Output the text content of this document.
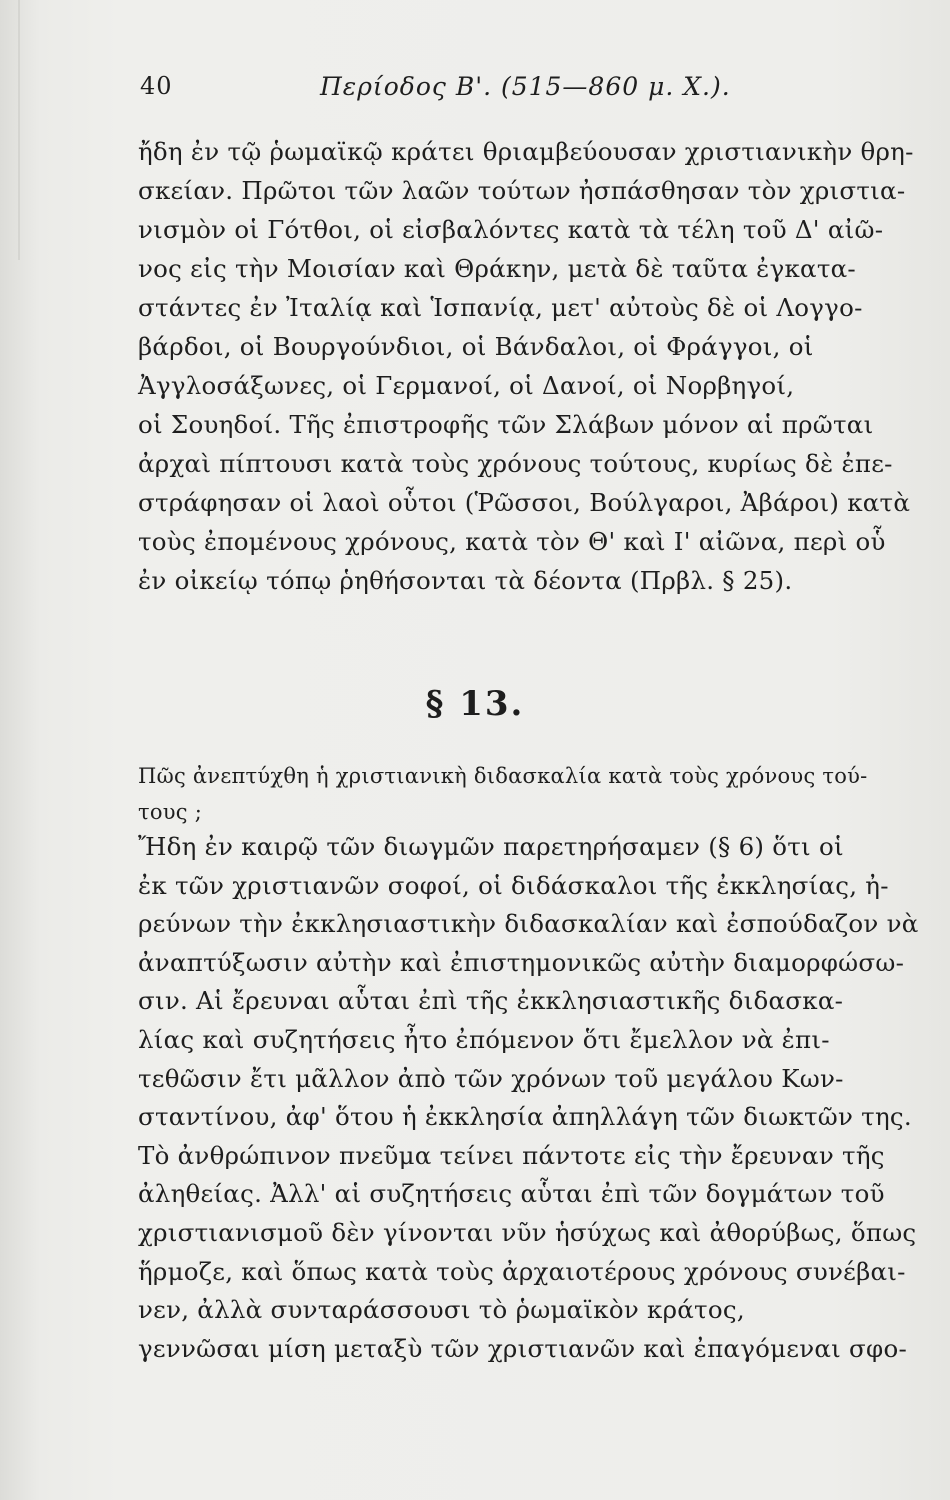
40	Περίοδος Β'. (515—860 μ. Χ.).
ἤδη ἐν τῷ ῥωμαϊκῷ κράτει θριαμβεύουσαν χριστιανικὴν θρη-
σκείαν. Πρῶτοι τῶν λαῶν τούτων ἠσπάσθησαν τὸν χριστια-
νισμὸν οἱ Γότθοι, οἱ εἰσβαλόντες κατὰ τὰ τέλη τοῦ Δ' αἰῶ-
νος εἰς τὴν Μοισίαν καὶ Θράκην, μετὰ δὲ ταῦτα ἐγκατα-
στάντες ἐν Ἰταλίᾳ καὶ Ἱσπανίᾳ, μετ' αὐτοὺς δὲ οἱ Λογγο-
βάρδοι, οἱ Βουργούνδιοι, οἱ Βάνδαλοι, οἱ Φράγγοι, οἱ
Ἀγγλοσάξωνες, οἱ Γερμανοί, οἱ Δανοί, οἱ Νορβηγοί,
οἱ Σουηδοί. Τῆς ἐπιστροφῆς τῶν Σλάβων μόνον αἱ πρῶται
ἀρχαὶ πίπτουσι κατὰ τοὺς χρόνους τούτους, κυρίως δὲ ἐπε-
στράφησαν οἱ λαοὶ οὗτοι (Ῥῶσσοι, Βούλγαροι, Ἀβάροι) κατὰ
τοὺς ἐπομένους χρόνους, κατὰ τὸν Θ' καὶ Ι' αἰῶνα, περὶ οὗ
ἐν οἰκείῳ τόπῳ ῥηθήσονται τὰ δέοντα (Πρβλ. § 25).
§ 13.
Πῶς ἀνεπτύχθη ἡ χριστιανικὴ διδασκαλία κατὰ τοὺς χρόνους τού-
τους ;
Ἤδη ἐν καιρῷ τῶν διωγμῶν παρετηρήσαμεν (§ 6) ὅτι οἱ
ἐκ τῶν χριστιανῶν σοφοί, οἱ διδάσκαλοι τῆς ἐκκλησίας, ἠ-
ρεύνων τὴν ἐκκλησιαστικὴν διδασκαλίαν καὶ ἐσπούδαζον νὰ
ἀναπτύξωσιν αὐτὴν καὶ ἐπιστημονικῶς αὐτὴν διαμορφώσω-
σιν. Αἱ ἔρευναι αὗται ἐπὶ τῆς ἐκκλησιαστικῆς διδασκα-
λίας καὶ συζητήσεις ἦτο ἐπόμενον ὅτι ἔμελλον νὰ ἐπι-
τεθῶσιν ἔτι μᾶλλον ἀπὸ τῶν χρόνων τοῦ μεγάλου Κων-
σταντίνου, ἀφ' ὅτου ἡ ἐκκλησία ἀπηλλάγη τῶν διωκτῶν της.
Τὸ ἀνθρώπινον πνεῦμα τείνει πάντοτε εἰς τὴν ἔρευναν τῆς
ἀληθείας. Ἀλλ' αἱ συζητήσεις αὗται ἐπὶ τῶν δογμάτων τοῦ
χριστιανισμοῦ δὲν γίνονται νῦν ἡσύχως καὶ ἀθορύβως, ὅπως
ἥρμοζε, καὶ ὅπως κατὰ τοὺς ἀρχαιοτέρους χρόνους συνέβαι-
νεν, ἀλλὰ συνταράσσουσι τὸ ῥωμαϊκὸν κράτος,
γεννῶσαι μίση μεταξὺ τῶν χριστιανῶν καὶ ἐπαγόμεναι σφο-
